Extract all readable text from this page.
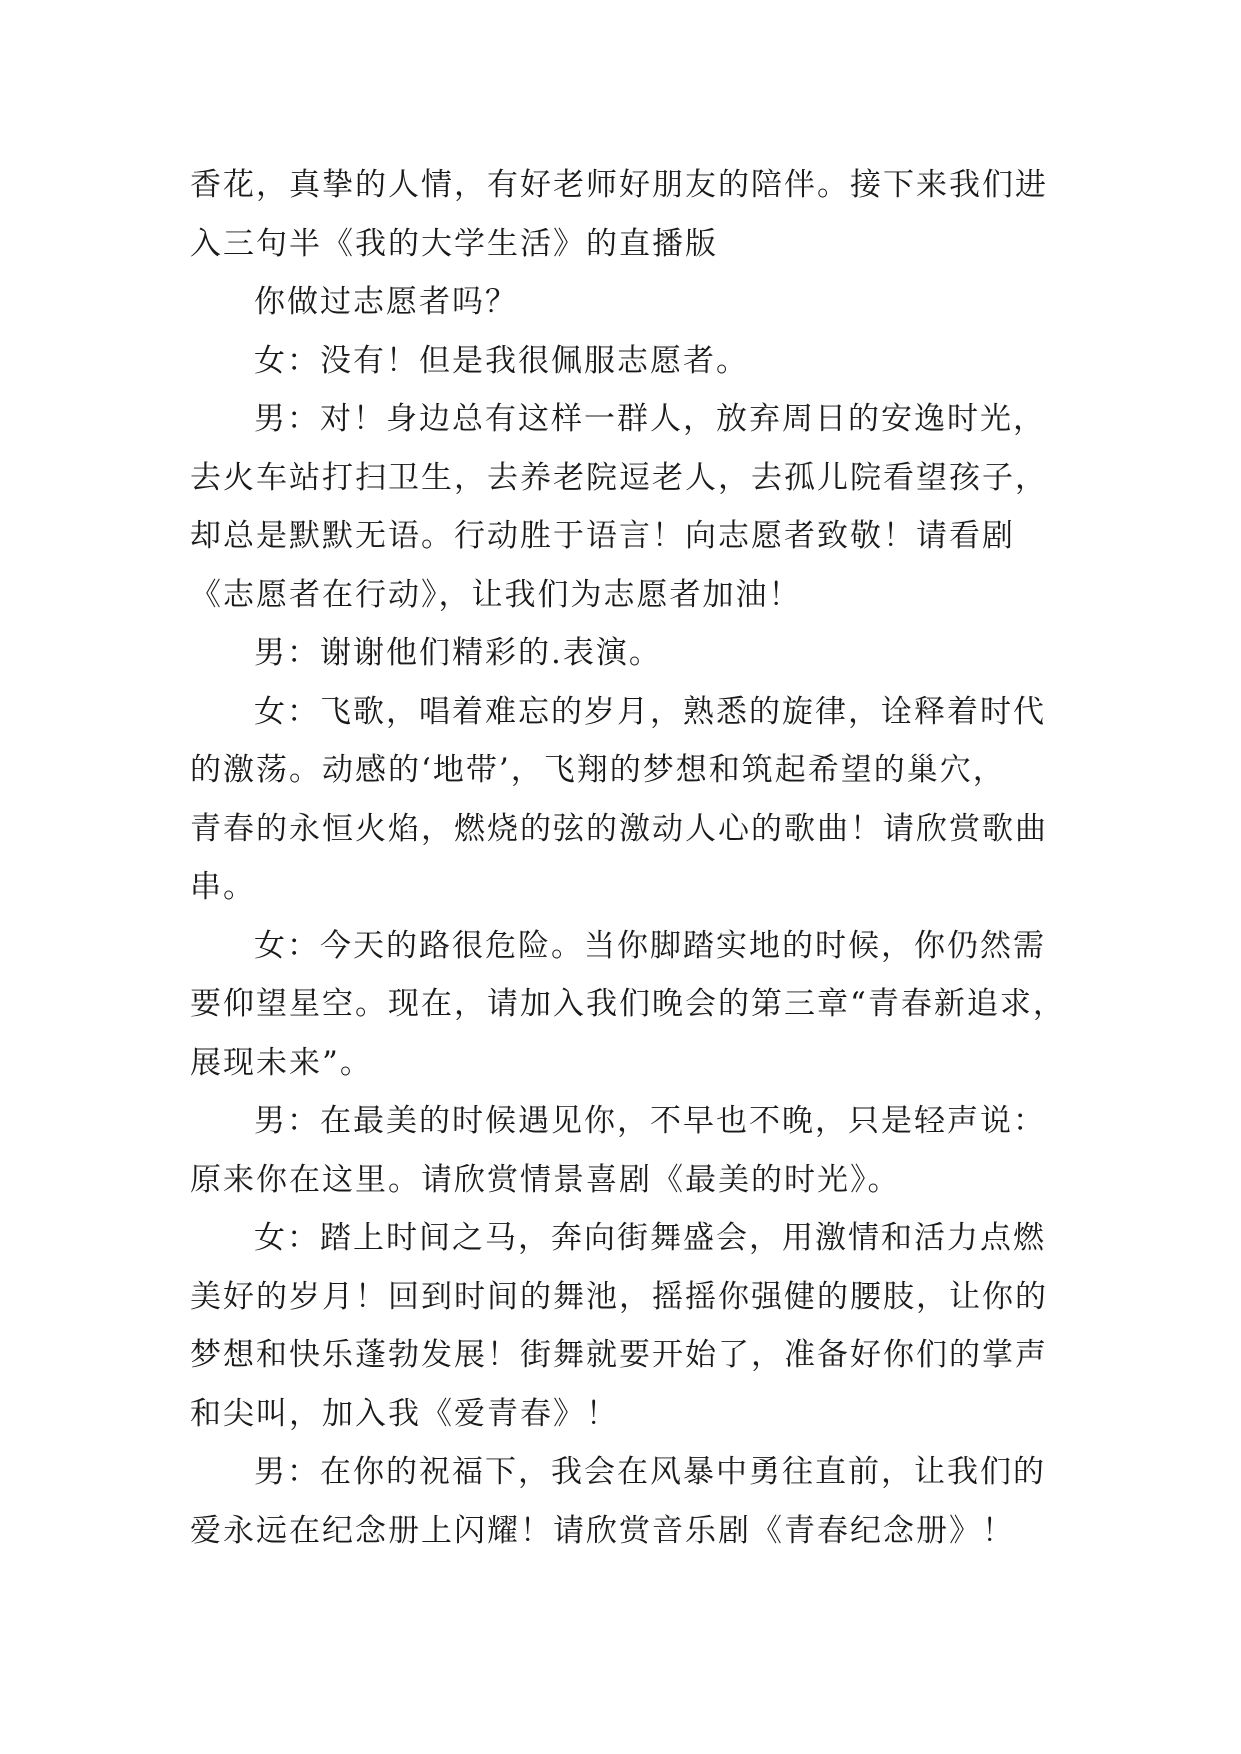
香花，真挚的人情，有好老师好朋友的陪伴。接下来我们进
入三句半《我的大学生活》的直播版

你做过志愿者吗？

女：没有！但是我很佩服志愿者。

男：对！身边总有这样一群人，放弃周日的安逸时光，
去火车站打扫卫生，去养老院逗老人，去孤儿院看望孩子，
却总是默默无语。行动胜于语言！向志愿者致敬！请看剧
《志愿者在行动》，让我们为志愿者加油！

男：谢谢他们精彩的.表演。

女：飞歌，唱着难忘的岁月，熟悉的旋律，诠释着时代
的激荡。动感的‘地带’，飞翔的梦想和筑起希望的巢穴，
青春的永恒火焰，燃烧的弦的激动人心的歌曲！请欣赏歌曲
串。

女：今天的路很危险。当你脚踏实地的时候，你仍然需
要仰望星空。现在，请加入我们晚会的第三章“青春新追求，
展现未来”。

男：在最美的时候遇见你，不早也不晚，只是轻声说：
原来你在这里。请欣赏情景喜剧《最美的时光》。

女：踏上时间之马，奔向街舞盛会，用激情和活力点燃
美好的岁月！回到时间的舞池，摇摇你强健的腰肢，让你的
梦想和快乐蓬勃发展！街舞就要开始了，准备好你们的掌声
和尖叫，加入我《爱青春》！

男：在你的祝福下，我会在风暴中勇往直前，让我们的
爱永远在纪念册上闪耀！请欣赏音乐剧《青春纪念册》！
